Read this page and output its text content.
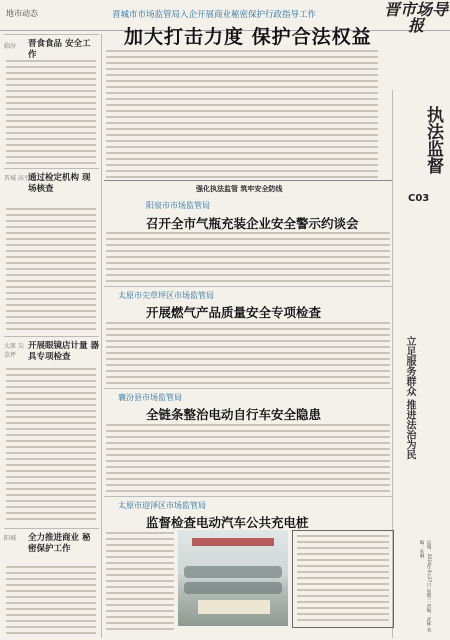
地市动态
临汾 晋食食品 安全工作
晋城 高平
通过检定机构 现场核查
太原 尖草坪
开展眼镜店计量 器具专项检查
阳城 全力推进商业 秘密保护工作
晋城市市场监管局入企开展商业秘密保护行政指导工作
加大打击力度 保护合法权益
晋市场导报
执法监督
C03
立足服务群众 推进法治为民
运城：2024年3月27日 星期三 责编：武林 美编：朱琳
强化执法监管 筑牢安全防线
阳泉市市场监管局
召开全市气瓶充装企业安全警示约谈会
太原市尖草坪区市场监管局
开展燃气产品质量安全专项检查
襄汾县市场监管局
全链条整治电动自行车安全隐患
太原市迎泽区市场监管局
监督检查电动汽车公共充电桩
